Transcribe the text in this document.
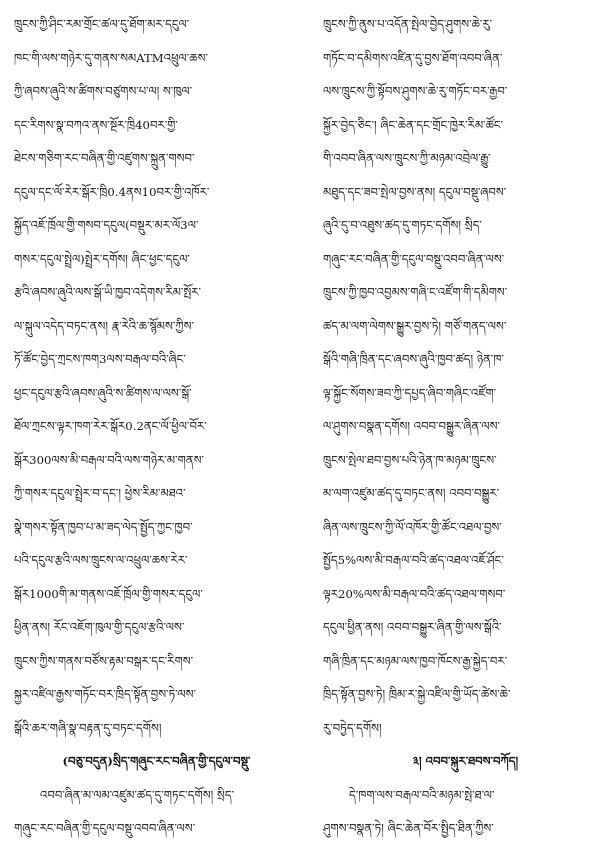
ཁྲུངས་ཀྱི་ཤིང་རམ་གྲོང་ཚལ་དུ་ཐོག་མར་དངུལ་
ཁང་གི་ལས་གཉེར་དུ་གནས་སམATMའཕྲུལ་ཆས་
ཀྱི་ཞབས་ཞུའི་ས་ཚིགས་བཙུགས་པ་ལ། ས་ཁུལ་
དང་རིགས་སྣ་བཀའ་ནས་སྔོར་ཁྲི40བར་གྱི་
ཐེངས་གཅིག་རང་བཞིན་གྱི་འཛུགས་སྐྲུན་གསབ་
དངུལ་དང་ལོ་རེར་སྒོར་ཁྲི0.4ནས10བར་གྱི་འཁོར་
སྐྱོད་འཇོ་ཁྲོལ་གྱི་གསབ་དངུལ(བསྡུར་མར་ལོ3ལ་
གསར་དངུལ་སྤྲེལ)སྤྲེར་དགོས། ཞིང་ཕྱང་དངུལ་
རྩའི་ཞབས་ཞུའི་ལས་སྒོ་ཡི་ཁྱབ་འདེགས་རིམ་སྤོར་
ལ་སྐུལ་འདེད་བཏང་ནས། རྣ་རེའི་ཆ་སྙོམས་ཀྱིས་
ཏོ་ཚོང་བྱེད་ཀྲངས་ཁག3ལས་བརྒལ་བའི་ཞིང་
ཕྱང་དངུལ་རྩའི་ཞབས་ཞུའི་ས་ཚིགས་ལ་ལས་སྒོ་
ཐོལ་ཀྲངས་ལྟར་ཁག་རེར་སྒོར0.2ནང་ལོ་ཕྱིལ་བོར་
སྒོར300ལས་མི་བརྒལ་བའི་ལས་གཉེར་མ་གནས་
ཀྱི་གསར་དངུལ་སྤྲེར་བ་དང་། ཕྱེས་རིམ་མཐའ་
སྣེ་གསར་སྟོན་ཁྱབ་པ་མ་ཟད་ལེད་སྤྱོད་ཀྱང་ཁྱབ་
པའི་དངུལ་རྩའི་ལས་ཁྲུངས་ལ་འཕྲུལ་ཆས་རེར་
སྒོར1000གི་མ་གནས་འཇོ་ཁྲོལ་གྱི་གསར་དངུལ་
ཕྱིན་ནས། རོང་འཇོག་ཁུལ་གྱི་དངུལ་རྩའི་ལས་
ཁྲུངས་ཀྱིས་གནས་བཙོས་རྟམ་བསྒར་དང་རིགས་
སྐྱར་འཛིལ་རྒྱས་གཏོང་བར་ཁྲིད་སྟོན་བྱས་ཏེ་ལས་
སྒོའི་ཆར་གཞི་སྣ་བརྟན་དུ་བཏང་དགོས།
(བཅུ་བདུན)སྲིད་གཞུང་རང་བཞིན་གྱི་དངུལ་བསྡུ་
འབབ་ཞིན་མ་ལམ་འཛུམ་ཚད་དུ་གཏང་དགོས། སྲིད་
གཞུང་རང་བཞིན་གྱི་དངུལ་བསྡུ་འབབ་ཞིན་ལས་
ཁྲུངས་ཀྱི་ནུས་པ་འདོན་སྤེལ་བྱེད་ཤུགས་ཆེ་རུ་
གཏོང་བ་དམིགས་འཛིན་དུ་བྱས་ཐོག་འབབ་ཞིན་
ལས་ཁྲུངས་ཀྱི་སྟོབས་ཤུགས་ཆེ་རུ་གཏོང་བར་རྒྱབ་
སྐྱོར་བྱེད་ཅིང་། ཞིང་ཆེན་དང་གྲོང་ཁྱེར་རིམ་ཚོང་
གི་འབབ་ཞིན་ལས་ཁྲུངས་ཀྱི་མཉམ་འབྲེལ་རྒྱུ་
མཐུད་དང་ཟབ་སྤེལ་བྱས་ནས། དངུལ་བསྡུ་ཞབས་
ཞུའི་དུ་བ་འཐུས་ཚད་དུ་གཏང་དགོས། སྲིད་
གཞུང་རང་བཞིན་གྱི་དངུལ་བསྡུ་འབབ་ཞིན་ལས་
ཁྲུངས་ཀྱི་ཁྱབ་འབྱམས་གཞི་ང་འཛོག་གི་དམིགས་
ཚད་མ་ལག་ལེགས་སྒྱུར་བྱས་ཏེ། གཙོ་གནད་ལས་
སྒོའི་གཞི་ཁྲིན་དང་ཞབས་ཞུའི་ཁྱབ་ཚད། ཉེན་ཁ་
ལྟ་སྐྱོང་སོགས་ཟབ་ཀྱི་དཔྱད་ཞིབ་གཞིང་འཛོག་
ལ་ཤུགས་བསྣན་དགོས། འབབ་བསྒྱུར་ཞིན་ལས་
ཁྲུངས་སྤེལ་ཐབ་བྱས་པའི་ཉེན་ཁ་མཉམ་ཁྲུངས་
མ་ལག་འཛུམ་ཚད་དུ་བཏང་ནས། འབབ་བསྒྱུར་
ཞིན་ལས་ཁྲུངས་ཀྱི་ལོ་འཁོར་གྱི་ཚོང་འཐལ་བྱས་
སྤྱོད5%ལས་མི་བརྒལ་བའི་ཚད་འཐལ་འཇོ་ཤོང་
ལྟར20%ལས་མི་བརྒལ་བའི་ཚད་འཐལ་གསབ་
དངུལ་ཕྱིན་ནས། འབབ་བསྒྱུར་ཞིན་གྱི་ལས་སྒོའི་
གཞི་ཁྲིན་དང་མཉམ་ལས་ཁྱབ་ཁོངས་རྒྱ་སྐྱེད་བར་
ཁྲིད་སྟོན་བྱས་ཏེ། ཁྲིམ་ར་སྐྱེ་འཛིལ་གྱི་ཡོད་ཚེས་ཆེ་
རུ་བཏྱེད་དགོས།
༣། འབབ་སྐུར་ཐབས་བཀོད།
དེ་ཁག་ལས་བརྒལ་བའི་མཉམ་སྤེ་ཐ་ལ་
ཤུགས་བསྣན་ཏེ། ཞིང་ཆེན་བོར་སྤྱིད་ཐིན་ཀྱིས་
